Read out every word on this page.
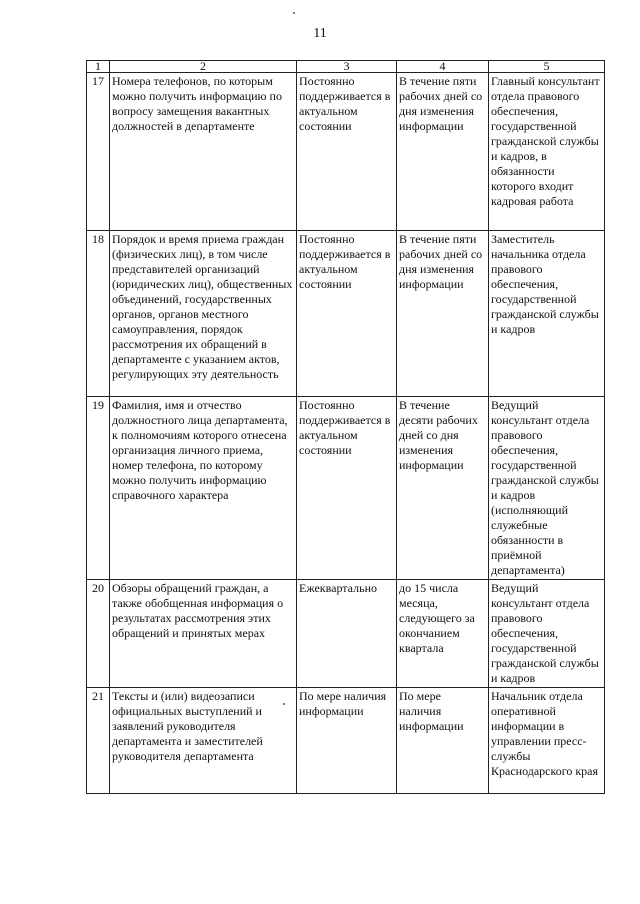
11
1	2	3	4	5
17	Номера телефонов, по которым можно получить информацию по вопросу замещения вакантных должностей в департаменте	Постоянно поддерживается в актуальном состоянии	В течение пяти рабочих дней со дня изменения информации	Главный консультант отдела правового обеспечения, государственной гражданской службы и кадров, в обязанности которого входит кадровая работа
18	Порядок и время приема граждан (физических лиц), в том числе представителей организаций (юридических лиц), общественных объединений, государственных органов, органов местного самоуправления, порядок рассмотрения их обращений в департаменте с указанием актов, регулирующих эту деятельность	Постоянно поддерживается в актуальном состоянии	В течение пяти рабочих дней со дня изменения информации	Заместитель начальника отдела правового обеспечения, государственной гражданской службы и кадров
19	Фамилия, имя и отчество должностного лица департамента, к полномочиям которого отнесена организация личного приема, номер телефона, по которому можно получить информацию справочного характера	Постоянно поддерживается в актуальном состоянии	В течение десяти рабочих дней со дня изменения информации	Ведущий консультант отдела правового обеспечения, государственной гражданской службы и кадров (исполняющий служебные обязанности в приёмной департамента)
20	Обзоры обращений граждан, а также обобщенная информация о результатах рассмотрения этих обращений и принятых мерах	Ежеквартально	до 15 числа месяца, следующего за окончанием квартала	Ведущий консультант отдела правового обеспечения, государственной гражданской службы и кадров
21	Тексты и (или) видеозаписи официальных выступлений и заявлений руководителя департамента и заместителей руководителя департамента	По мере наличия информации	По мере наличия информации	Начальник отдела оперативной информации в управлении пресс-службы Краснодарского края
